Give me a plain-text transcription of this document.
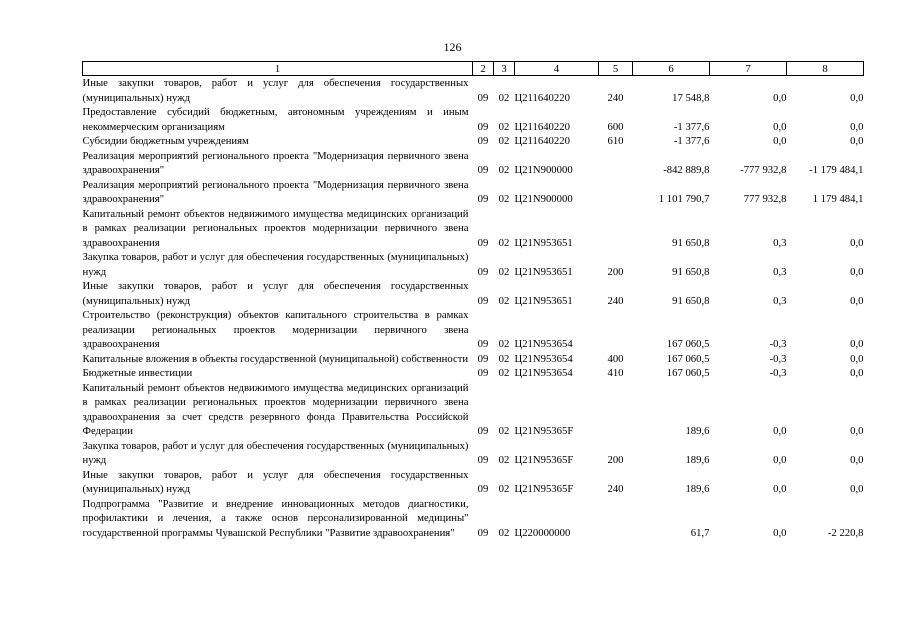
126
1	2	3	4	5	6	7	8
Иные закупки товаров, работ и услуг для обеспечения государственных (муниципальных) нужд	09	02	Ц211640220	240	17 548,8	0,0	0,0
Предоставление субсидий бюджетным, автономным учреждениям и иным некоммерческим организациям	09	02	Ц211640220	600	-1 377,6	0,0	0,0
Субсидии бюджетным учреждениям	09	02	Ц211640220	610	-1 377,6	0,0	0,0
Реализация мероприятий регионального проекта "Модернизация первичного звена здравоохранения"	09	02	Ц21N900000		-842 889,8	-777 932,8	-1 179 484,1
Реализация мероприятий регионального проекта "Модернизация первичного звена здравоохранения"	09	02	Ц21N900000		1 101 790,7	777 932,8	1 179 484,1
Капитальный ремонт объектов недвижимого имущества медицинских организаций в рамках реализации региональных проектов модернизации первичного звена здравоохранения	09	02	Ц21N953651		91 650,8	0,3	0,0
Закупка товаров, работ и услуг для обеспечения государственных (муниципальных) нужд	09	02	Ц21N953651	200	91 650,8	0,3	0,0
Иные закупки товаров, работ и услуг для обеспечения государственных (муниципальных) нужд	09	02	Ц21N953651	240	91 650,8	0,3	0,0
Строительство (реконструкция) объектов капитального строительства в рамках реализации региональных проектов модернизации первичного звена здравоохранения	09	02	Ц21N953654		167 060,5	-0,3	0,0
Капитальные вложения в объекты государственной (муниципальной) собственности	09	02	Ц21N953654	400	167 060,5	-0,3	0,0
Бюджетные инвестиции	09	02	Ц21N953654	410	167 060,5	-0,3	0,0
Капитальный ремонт объектов недвижимого имущества медицинских организаций в рамках реализации региональных проектов модернизации первичного звена здравоохранения за счет средств резервного фонда Правительства Российской Федерации	09	02	Ц21N95365F		189,6	0,0	0,0
Закупка товаров, работ и услуг для обеспечения государственных (муниципальных) нужд	09	02	Ц21N95365F	200	189,6	0,0	0,0
Иные закупки товаров, работ и услуг для обеспечения государственных (муниципальных) нужд	09	02	Ц21N95365F	240	189,6	0,0	0,0
Подпрограмма "Развитие и внедрение инновационных методов диагностики, профилактики и лечения, а также основ персонализированной медицины" государственной программы Чувашской Республики "Развитие здравоохранения"	09	02	Ц220000000		61,7	0,0	-2 220,8
